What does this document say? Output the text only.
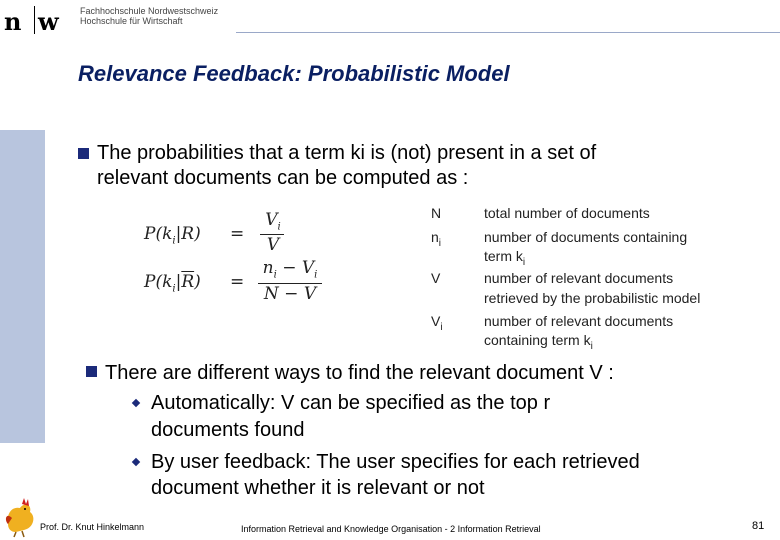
n w Fachhochschule Nordwestschweiz
Hochschule für Wirtschaft
Relevance Feedback: Probabilistic Model
The probabilities that a term ki is (not) present in a set of
relevant documents can be computed as :
$P(k_i|R)$ =
$V_i$
V
$P(k_i|\overline{R})$ =
$n_i - V_i$
N − V
N
$n_i$
V
$V_i$
total number of documents
number of documents containing
term $k_i$
number of relevant documents
retrieved by the probabilistic model
number of relevant documents
containing term $k_i$
There are different ways to find the relevant document V :
Automatically: V can be specified as the top r
documents found
By user feedback: The user specifies for each retrieved
document whether it is relevant or not
Prof. Dr. Knut Hinkelmann	Information Retrieval and Knowledge Organisation - 2 Information Retrieval	81
